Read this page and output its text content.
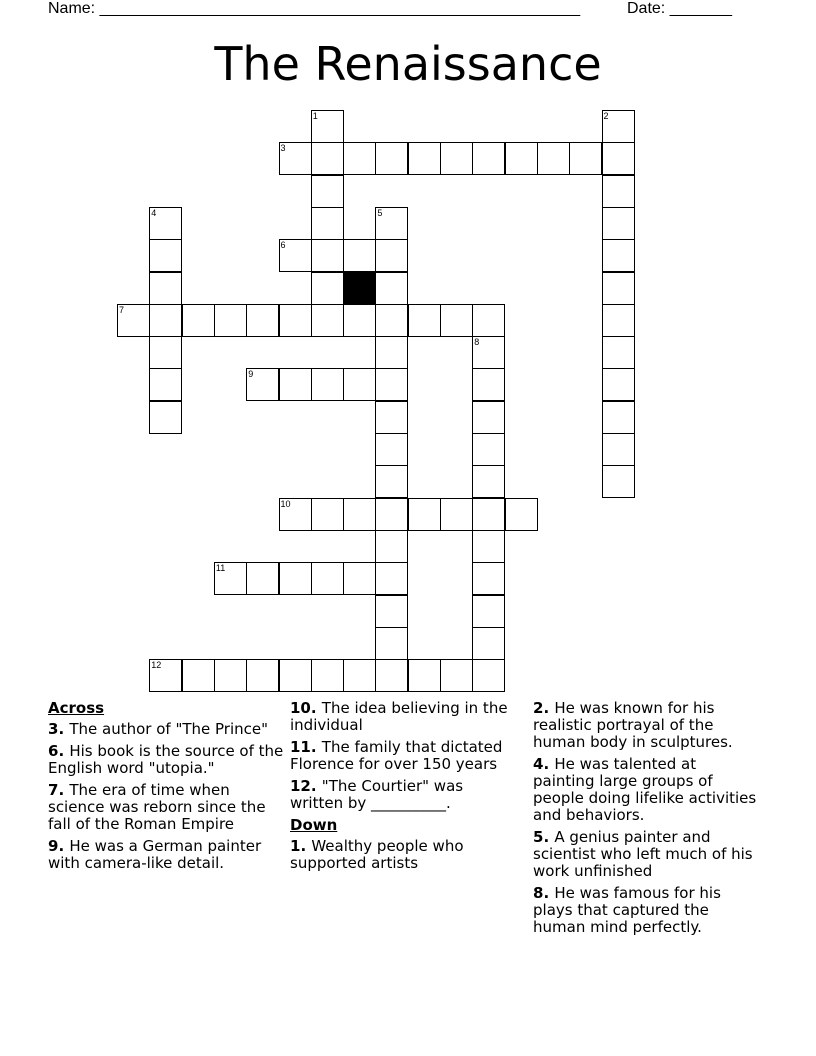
Name: ______________________________________________________	Date: _______
The Renaissance
1	2
3
4	5
6
7
8
9
10
11
12
Across
3. The author of "The Prince"
6. His book is the source of the English word "utopia."
7. The era of time when science was reborn since the fall of the Roman Empire
9. He was a German painter with camera-like detail.
10. The idea believing in the individual
11. The family that dictated Florence for over 150 years
12. "The Courtier" was written by __________.
Down
1. Wealthy people who supported artists
2. He was known for his realistic portrayal of the human body in sculptures.
4. He was talented at painting large groups of people doing lifelike activities and behaviors.
5. A genius painter and scientist who left much of his work unfinished
8. He was famous for his plays that captured the human mind perfectly.
